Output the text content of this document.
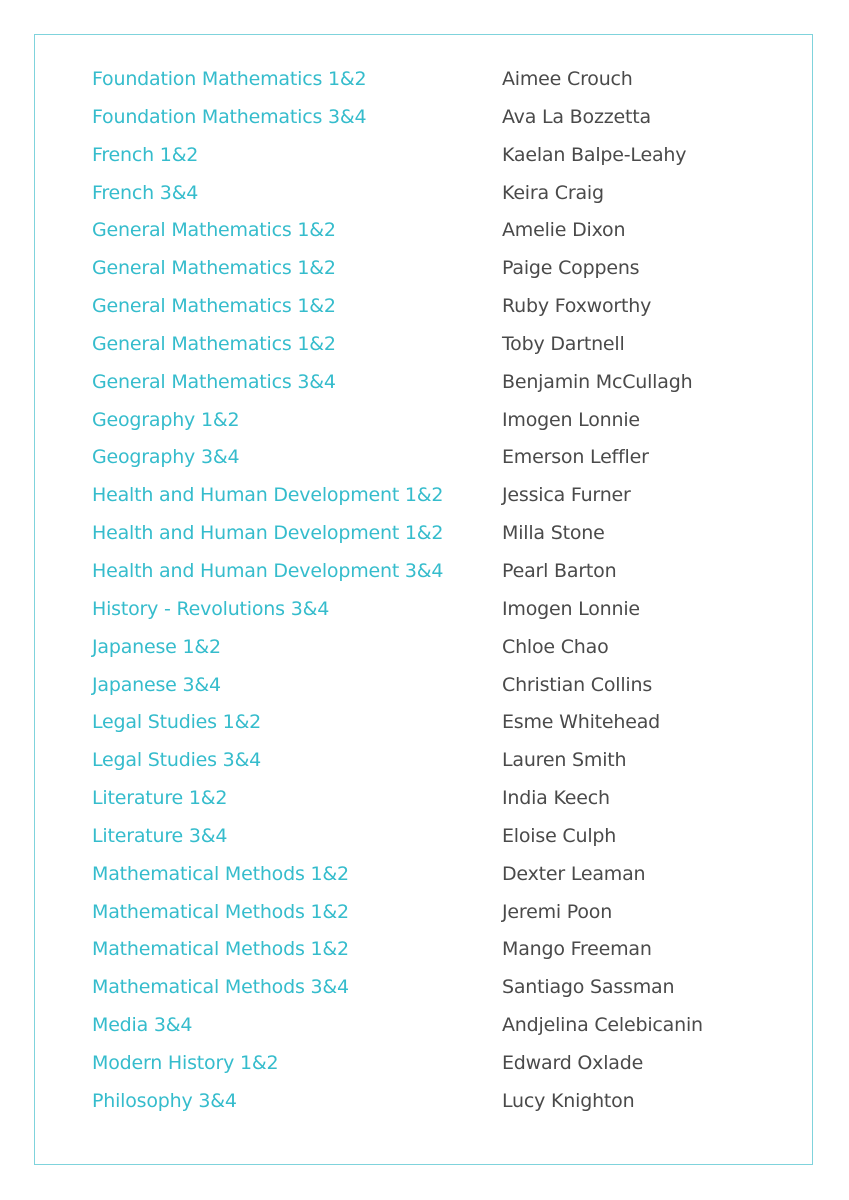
Foundation Mathematics 1&2	Aimee Crouch
Foundation Mathematics 3&4	Ava La Bozzetta
French 1&2	Kaelan Balpe-Leahy
French 3&4	Keira Craig
General Mathematics 1&2	Amelie Dixon
General Mathematics 1&2	Paige Coppens
General Mathematics 1&2	Ruby Foxworthy
General Mathematics 1&2	Toby Dartnell
General Mathematics 3&4	Benjamin McCullagh
Geography 1&2	Imogen Lonnie
Geography 3&4	Emerson Leffler
Health and Human Development 1&2	Jessica Furner
Health and Human Development 1&2	Milla Stone
Health and Human Development 3&4	Pearl Barton
History - Revolutions 3&4	Imogen Lonnie
Japanese 1&2	Chloe Chao
Japanese 3&4	Christian Collins
Legal Studies 1&2	Esme Whitehead
Legal Studies 3&4	Lauren Smith
Literature 1&2	India Keech
Literature 3&4	Eloise Culph
Mathematical Methods 1&2	Dexter Leaman
Mathematical Methods 1&2	Jeremi Poon
Mathematical Methods 1&2	Mango Freeman
Mathematical Methods 3&4	Santiago Sassman
Media 3&4	Andjelina Celebicanin
Modern History 1&2	Edward Oxlade
Philosophy 3&4	Lucy Knighton
